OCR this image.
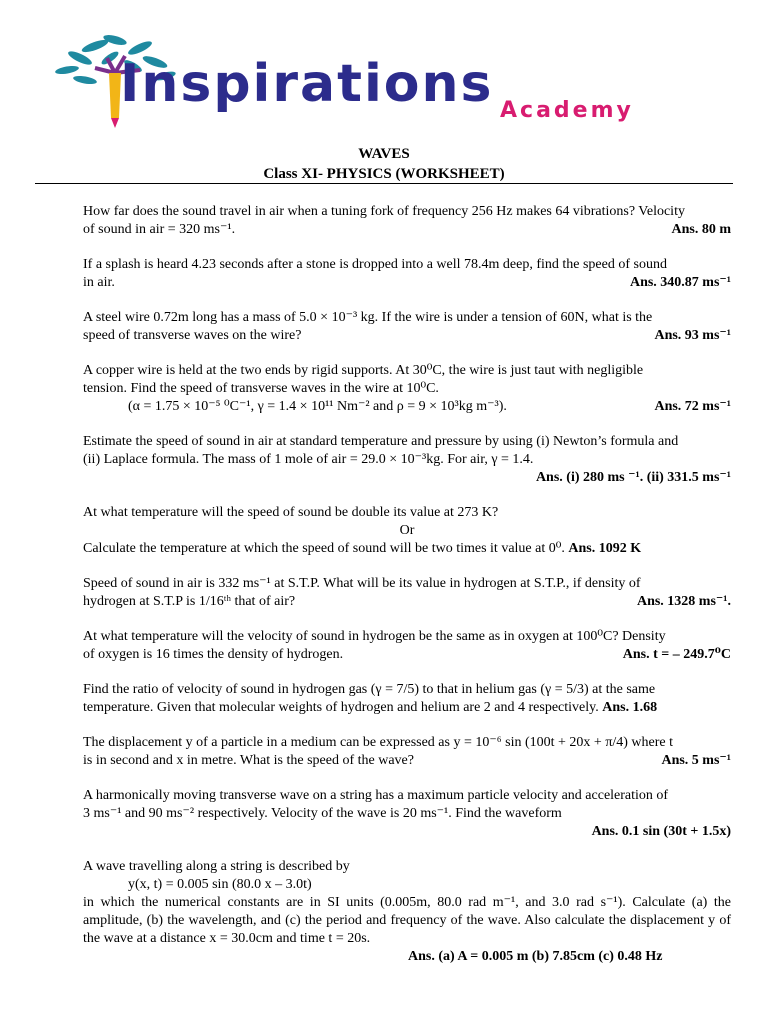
Inspirations Academy
WAVES
Class XI- PHYSICS (WORKSHEET)
How far does the sound travel in air when a tuning fork of frequency 256 Hz makes 64 vibrations? Velocity
of sound in air = 320 ms⁻¹.	Ans. 80 m
If a splash is heard 4.23 seconds after a stone is dropped into a well 78.4m deep, find the speed of sound
in air.	Ans. 340.87 ms⁻¹
A steel wire 0.72m long has a mass of 5.0 × 10⁻³ kg. If the wire is under a tension of 60N, what is the
speed of transverse waves on the wire?	Ans. 93 ms⁻¹
A copper wire is held at the two ends by rigid supports. At 30⁰C, the wire is just taut with negligible
tension. Find the speed of transverse waves in the wire at 10⁰C.
(α = 1.75 × 10⁻⁵ ⁰C⁻¹, γ = 1.4 × 10¹¹ Nm⁻² and ρ = 9 × 10³kg m⁻³).	Ans. 72 ms⁻¹
Estimate the speed of sound in air at standard temperature and pressure by using (i) Newton’s formula and
(ii) Laplace formula. The mass of 1 mole of air = 29.0 × 10⁻³kg. For air, γ = 1.4.
Ans. (i) 280 ms ⁻¹. (ii) 331.5 ms⁻¹
At what temperature will the speed of sound be double its value at 273 K?
Or
Calculate the temperature at which the speed of sound will be two times it value at 0⁰. Ans. 1092 K
Speed of sound in air is 332 ms⁻¹ at S.T.P. What will be its value in hydrogen at S.T.P., if density of
hydrogen at S.T.P is 1/16ᵗʰ that of air?	Ans. 1328 ms⁻¹.
At what temperature will the velocity of sound in hydrogen be the same as in oxygen at 100⁰C? Density
of oxygen is 16 times the density of hydrogen.	Ans. t = – 249.7⁰C
Find the ratio of velocity of sound in hydrogen gas (γ = 7/5) to that in helium gas (γ = 5/3) at the same
temperature. Given that molecular weights of hydrogen and helium are 2 and 4 respectively. Ans. 1.68
The displacement y of a particle in a medium can be expressed as y = 10⁻⁶ sin (100t + 20x + π/4) where t
is in second and x in metre. What is the speed of the wave?	Ans. 5 ms⁻¹
A harmonically moving transverse wave on a string has a maximum particle velocity and acceleration of
3 ms⁻¹ and 90 ms⁻² respectively. Velocity of the wave is 20 ms⁻¹. Find the waveform
Ans. 0.1 sin (30t + 1.5x)
A wave travelling along a string is described by
y(x, t) = 0.005 sin (80.0 x – 3.0t)
in which the numerical constants are in SI units (0.005m, 80.0 rad m⁻¹, and 3.0 rad s⁻¹). Calculate (a) the amplitude, (b) the wavelength, and (c) the period and frequency of the wave. Also calculate the displacement y of the wave at a distance x = 30.0cm and time t = 20s.
Ans. (a) A = 0.005 m (b) 7.85cm (c) 0.48 Hz
